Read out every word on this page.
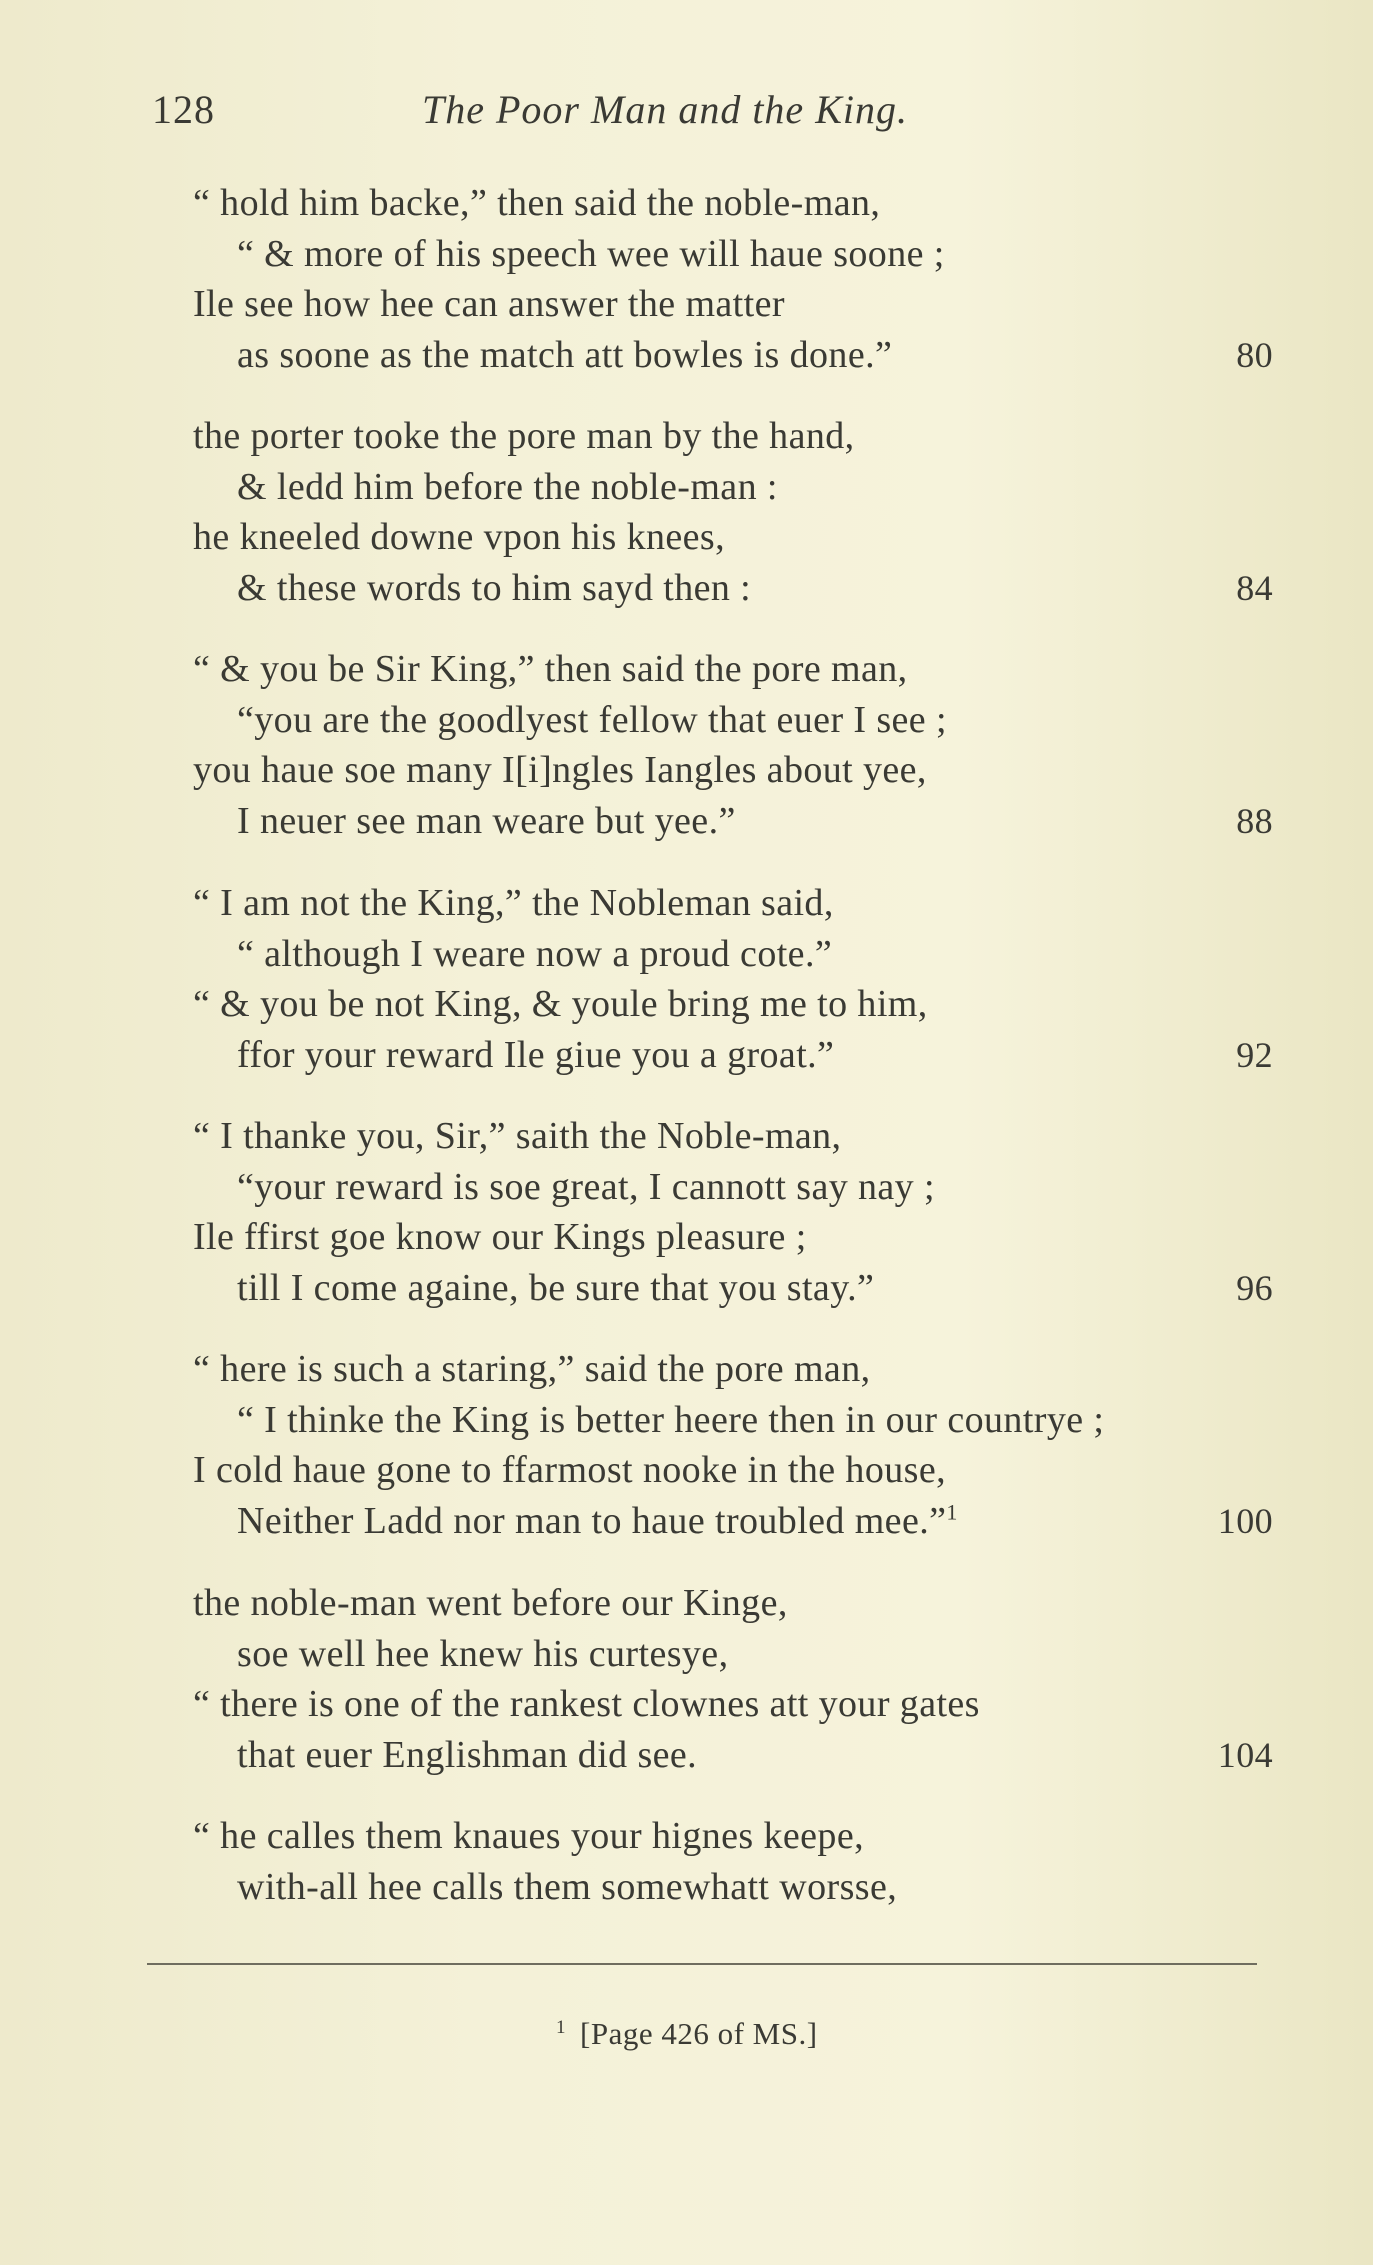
128	The Poor Man and the King.
“ hold him backe,” then said the noble-man,
“ & more of his speech wee will haue soone ;
Ile see how hee can answer the matter
as soone as the match att bowles is done.”	80
the porter tooke the pore man by the hand,
& ledd him before the noble-man :
he kneeled downe vpon his knees,
& these words to him sayd then :	84
“ & you be Sir King,” then said the pore man,
“you are the goodlyest fellow that euer I see ;
you haue soe many I[i]ngles Iangles about yee,
I neuer see man weare but yee.”	88
“ I am not the King,” the Nobleman said,
“ although I weare now a proud cote.”
“ & you be not King, & youle bring me to him,
ffor your reward Ile giue you a groat.”	92
“ I thanke you, Sir,” saith the Noble-man,
“your reward is soe great, I cannott say nay ;
Ile ffirst goe know our Kings pleasure ;
till I come againe, be sure that you stay.”	96
“ here is such a staring,” said the pore man,
“ I thinke the King is better heere then in our countrye ;
I cold haue gone to ffarmost nooke in the house,
Neither Ladd nor man to haue troubled mee.”$^1$	100
the noble-man went before our Kinge,
soe well hee knew his curtesye,
“ there is one of the rankest clownes att your gates
that euer Englishman did see.	104
“ he calles them knaues your hignes keepe,
with-all hee calls them somewhatt worsse,
$^1$ [Page 426 of MS.]
